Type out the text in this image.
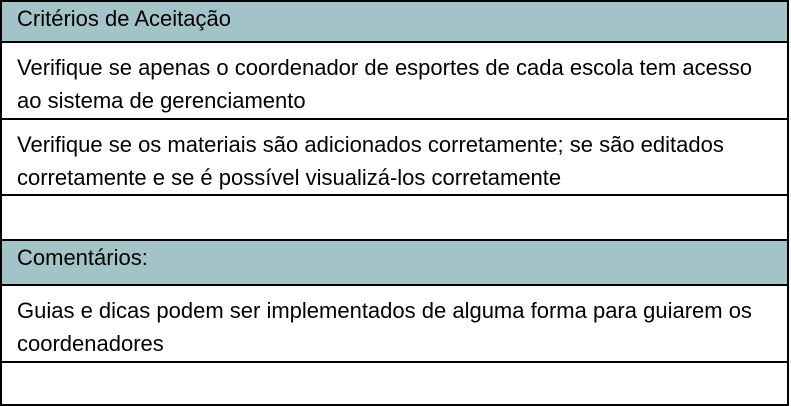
Critérios de Aceitação
Verifique se apenas o coordenador de esportes de cada escola tem acesso ao sistema de gerenciamento
Verifique se os materiais são adicionados corretamente; se são editados corretamente e se é possível visualizá-los corretamente
Comentários:
Guias e dicas podem ser implementados de alguma forma para guiarem os coordenadores
